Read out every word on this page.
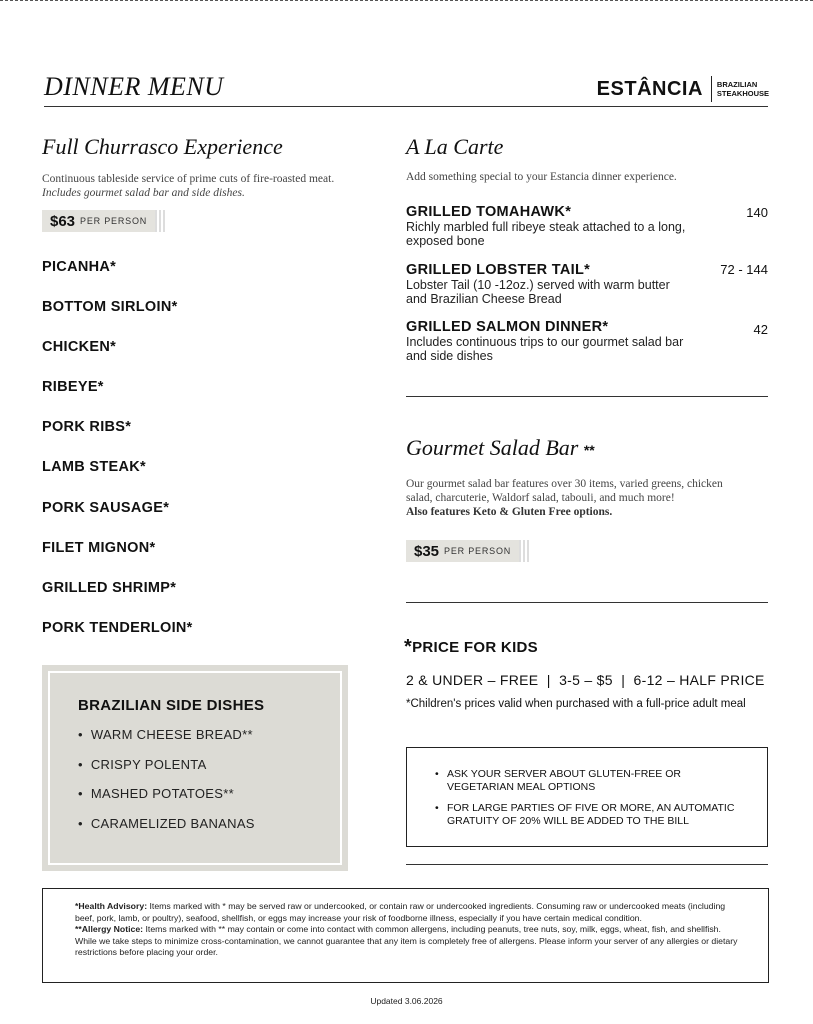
DINNER MENU	ESTÂNCIA BRAZILIAN
STEAKHOUSE
Full Churrasco Experience
Continuous tableside service of prime cuts of fire-roasted meat.
Includes gourmet salad bar and side dishes.
$63 PER PERSON
PICANHA*
BOTTOM SIRLOIN*
CHICKEN*
RIBEYE*
PORK RIBS*
LAMB STEAK*
PORK SAUSAGE*
FILET MIGNON*
GRILLED SHRIMP*
PORK TENDERLOIN*
BRAZILIAN SIDE DISHES
• WARM CHEESE BREAD**
• CRISPY POLENTA
• MASHED POTATOES**
• CARAMELIZED BANANAS
A La Carte
Add something special to your Estancia dinner experience.
GRILLED TOMAHAWK*
Richly marbled full ribeye steak attached to a long,
exposed bone
140
GRILLED LOBSTER TAIL*
Lobster Tail (10 -12oz.) served with warm butter
and Brazilian Cheese Bread
72 - 144
GRILLED SALMON DINNER*
Includes continuous trips to our gourmet salad bar
and side dishes
42
Gourmet Salad Bar **
Our gourmet salad bar features over 30 items, varied greens, chicken
salad, charcuterie, Waldorf salad, tabouli, and much more!
Also features Keto & Gluten Free options.
$35 PER PERSON
*PRICE FOR KIDS
2 & UNDER – FREE  |  3-5 – $5  |  6-12 – HALF PRICE
*Children's prices valid when purchased with a full-price adult meal
• ASK YOUR SERVER ABOUT GLUTEN-FREE OR VEGETARIAN MEAL OPTIONS
• FOR LARGE PARTIES OF FIVE OR MORE, AN AUTOMATIC GRATUITY OF 20% WILL BE ADDED TO THE BILL
*Health Advisory: Items marked with * may be served raw or undercooked, or contain raw or undercooked ingredients. Consuming raw or undercooked meats (including beef, pork, lamb, or poultry), seafood, shellfish, or eggs may increase your risk of foodborne illness, especially if you have certain medical condition.
**Allergy Notice: Items marked with ** may contain or come into contact with common allergens, including peanuts, tree nuts, soy, milk, eggs, wheat, fish, and shellfish. While we take steps to minimize cross-contamination, we cannot guarantee that any item is completely free of allergens. Please inform your server of any allergies or dietary restrictions before placing your order.
Updated 3.06.2026
